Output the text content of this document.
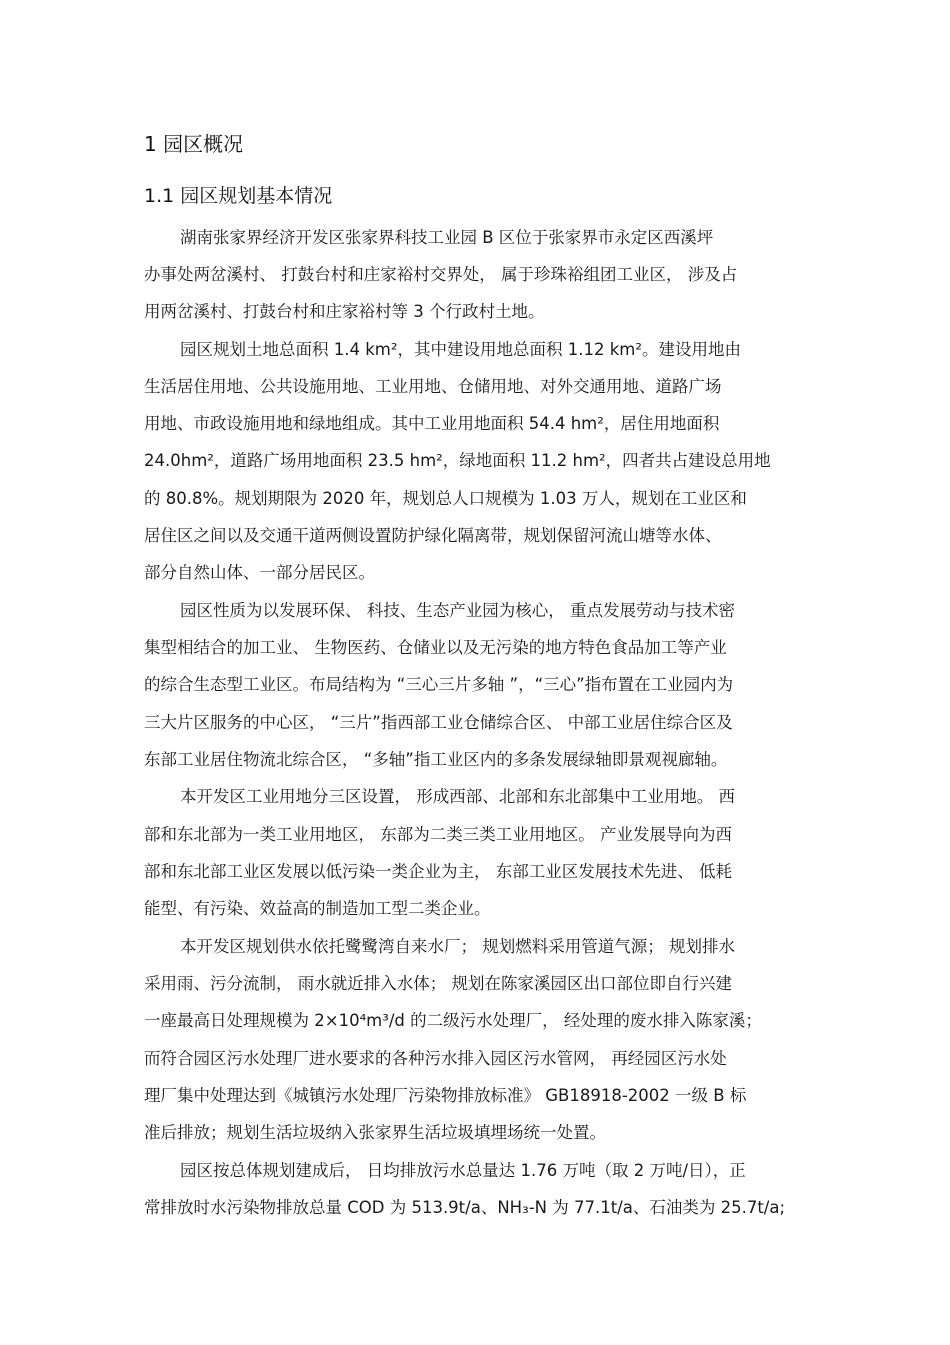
1 园区概况
1.1 园区规划基本情况
湖南张家界经济开发区张家界科技工业园 B 区位于张家界市永定区西溪坪
办事处两岔溪村、 打鼓台村和庄家裕村交界处， 属于珍珠裕组团工业区， 涉及占
用两岔溪村、打鼓台村和庄家裕村等 3 个行政村土地。
园区规划土地总面积 1.4 km²，其中建设用地总面积 1.12 km²。建设用地由
生活居住用地、公共设施用地、工业用地、仓储用地、对外交通用地、道路广场
用地、市政设施用地和绿地组成。其中工业用地面积 54.4 hm²，居住用地面积
24.0hm²，道路广场用地面积 23.5 hm²，绿地面积 11.2 hm²，四者共占建设总用地
的 80.8%。规划期限为 2020 年，规划总人口规模为 1.03 万人，规划在工业区和
居住区之间以及交通干道两侧设置防护绿化隔离带，规划保留河流山塘等水体、
部分自然山体、一部分居民区。
园区性质为以发展环保、 科技、生态产业园为核心， 重点发展劳动与技术密
集型相结合的加工业、 生物医药、仓储业以及无污染的地方特色食品加工等产业
的综合生态型工业区。布局结构为 “三心三片多轴 ”，“三心”指布置在工业园内为
三大片区服务的中心区， “三片”指西部工业仓储综合区、 中部工业居住综合区及
东部工业居住物流北综合区， “多轴”指工业区内的多条发展绿轴即景观视廊轴。
本开发区工业用地分三区设置， 形成西部、北部和东北部集中工业用地。 西
部和东北部为一类工业用地区， 东部为二类三类工业用地区。 产业发展导向为西
部和东北部工业区发展以低污染一类企业为主， 东部工业区发展技术先进、 低耗
能型、有污染、效益高的制造加工型二类企业。
本开发区规划供水依托鹭鹭湾自来水厂； 规划燃料采用管道气源； 规划排水
采用雨、污分流制， 雨水就近排入水体； 规划在陈家溪园区出口部位即自行兴建
一座最高日处理规模为 2×10⁴m³/d 的二级污水处理厂， 经处理的废水排入陈家溪；
而符合园区污水处理厂进水要求的各种污水排入园区污水管网， 再经园区污水处
理厂集中处理达到《城镇污水处理厂污染物排放标准》 GB18918-2002 一级 B 标
准后排放；规划生活垃圾纳入张家界生活垃圾填埋场统一处置。
园区按总体规划建成后， 日均排放污水总量达 1.76 万吨（取 2 万吨/日），正
常排放时水污染物排放总量 COD 为 513.9t/a、NH₃-N 为 77.1t/a、石油类为 25.7t/a;
